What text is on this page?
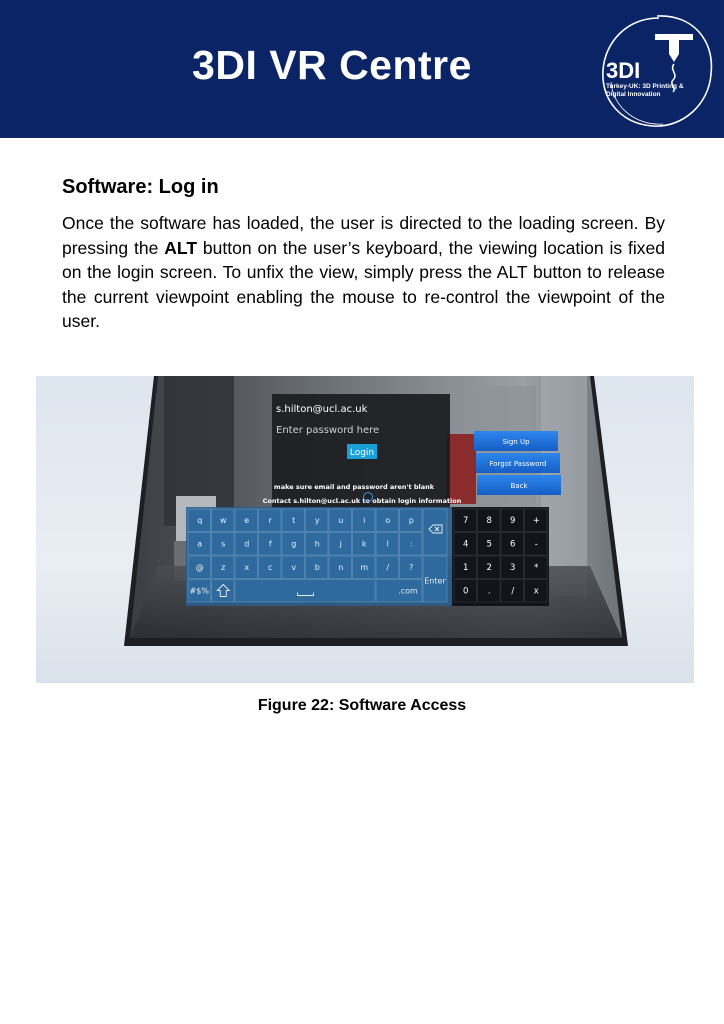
3DI VR Centre	3DI
Turkey-UK: 3D Printing & Digital Innovation
Software: Log in

Once the software has loaded, the user is directed to the loading screen. By pressing the ALT button on the user’s keyboard, the viewing location is fixed on the login screen. To unfix the view, simply press the ALT button to release the current viewpoint enabling the mouse to re-control the viewpoint of the user.

s.hilton@ucl.ac.uk
Enter password here
Login
make sure email and password aren't blank
Contact s.hilton@ucl.ac.uk to obtain login information
Sign Up
Forgot Password
Back
q w e r	t y u i o p
a s d f g h j	k	l	:
@ z x c v b n m /	?
Enter
#$%	.com
7 8 9 +
4 5 6 -
1 2 3 *
0 . / x
Figure 22: Software Access
